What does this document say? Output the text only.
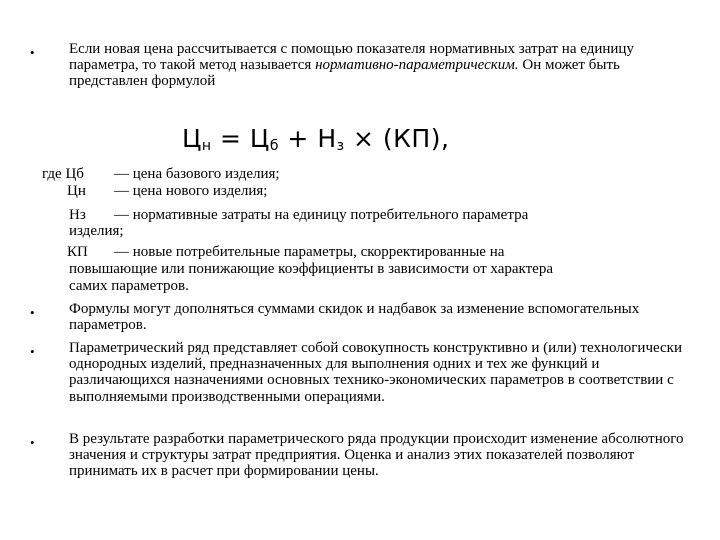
• Если новая цена рассчитывается с помощью показателя нормативных затрат на единицу параметра, то такой метод называется нормативно-параметрическим. Он может быть представлен формулой
$Ц_н = Ц_б + Н_з \times (КП)$,
где Цб — цена базового изделия;
Цн — цена нового изделия;
Нз — нормативные затраты на единицу потребительного параметра
изделия;
КП — новые потребительные параметры, скорректированные на
повышающие или понижающие коэффициенты в зависимости от характера
самих параметров.
• Формулы могут дополняться суммами скидок и надбавок за изменение вспомогательных параметров.
• Параметрический ряд представляет собой совокупность конструктивно и (или) технологически однородных изделий, предназначенных для выполнения одних и тех же функций и различающихся назначениями основных технико-экономических параметров в соответствии с выполняемыми производственными операциями.
• В результате разработки параметрического ряда продукции происходит изменение абсолютного значения и структуры затрат предприятия. Оценка и анализ этих показателей позволяют принимать их в расчет при формировании цены.
